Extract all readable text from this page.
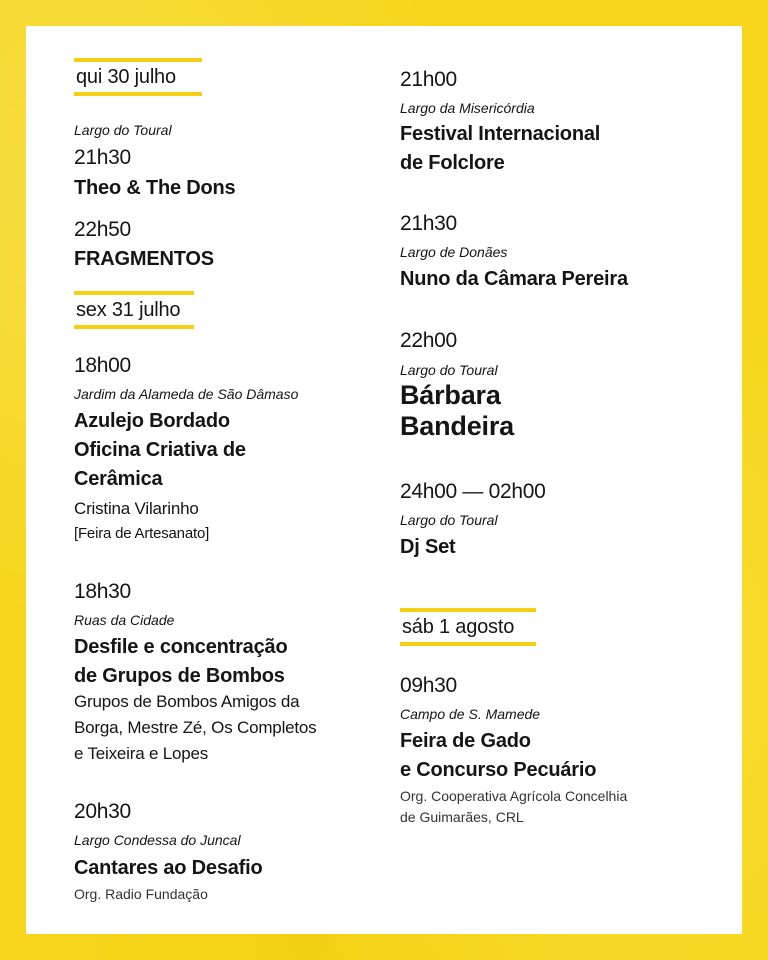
qui 30 julho
Largo do Toural
21h30
Theo & The Dons
22h50
FRAGMENTOS
sex 31 julho
18h00
Jardim da Alameda de São Dâmaso
Azulejo Bordado
Oficina Criativa de
Cerâmica
Cristina Vilarinho
[Feira de Artesanato]
18h30
Ruas da Cidade
Desfile e concentração
de Grupos de Bombos
Grupos de Bombos Amigos da
Borga, Mestre Zé, Os Completos
e Teixeira e Lopes
20h30
Largo Condessa do Juncal
Cantares ao Desafio
Org. Radio Fundação
21h00
Largo da Misericórdia
Festival Internacional
de Folclore
21h30
Largo de Donães
Nuno da Câmara Pereira
22h00
Largo do Toural
Bárbara
Bandeira
24h00 — 02h00
Largo do Toural
Dj Set
sáb 1 agosto
09h30
Campo de S. Mamede
Feira de Gado
e Concurso Pecuário
Org. Cooperativa Agrícola Concelhia
de Guimarães, CRL
